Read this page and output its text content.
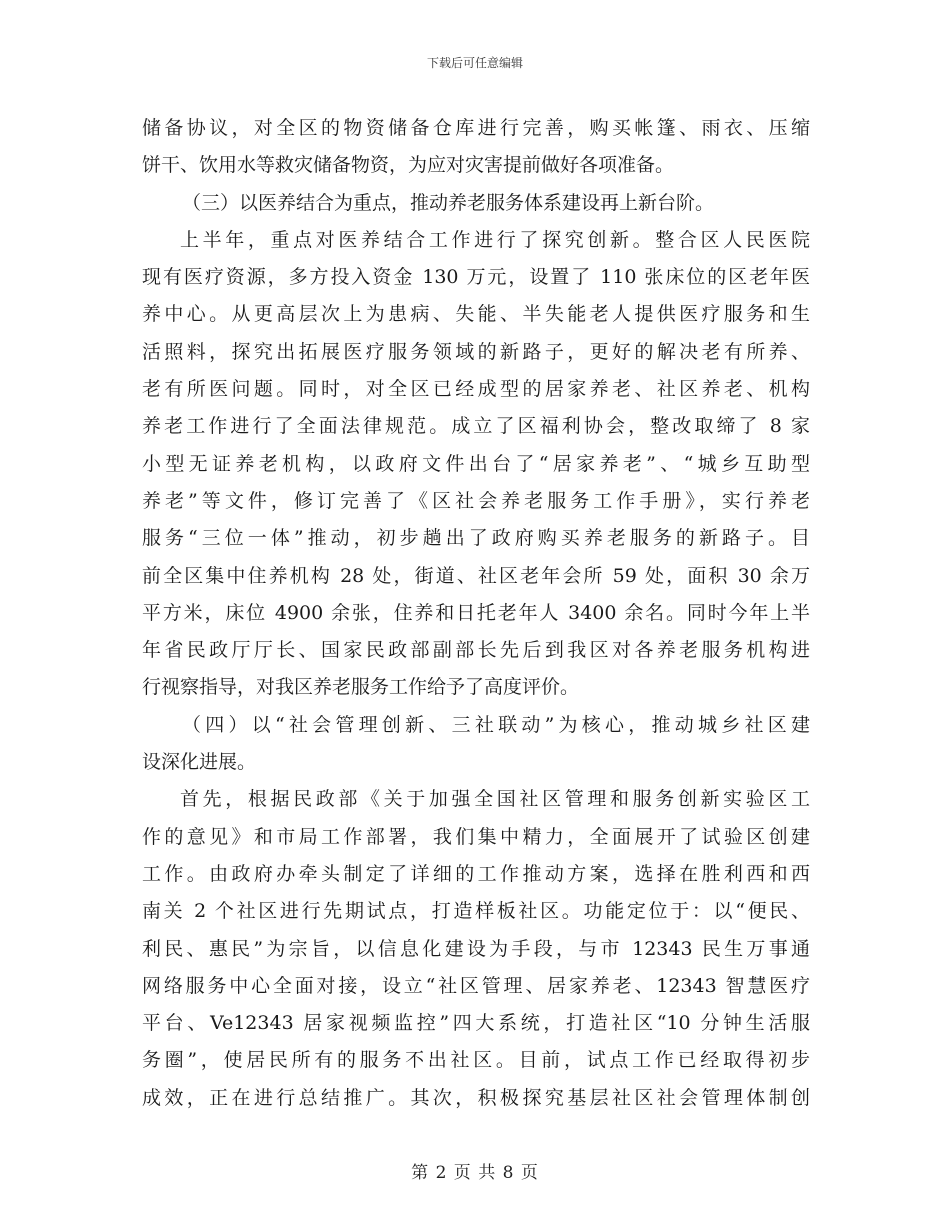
下载后可任意编辑
储备协议，对全区的物资储备仓库进行完善，购买帐篷、雨衣、压缩
饼干、饮用水等救灾储备物资，为应对灾害提前做好各项准备。
（三）以医养结合为重点，推动养老服务体系建设再上新台阶。
上半年，重点对医养结合工作进行了探究创新。整合区人民医院
现有医疗资源，多方投入资金 130 万元，设置了 110 张床位的区老年医
养中心。从更高层次上为患病、失能、半失能老人提供医疗服务和生
活照料，探究出拓展医疗服务领域的新路子，更好的解决老有所养、
老有所医问题。同时，对全区已经成型的居家养老、社区养老、机构
养老工作进行了全面法律规范。成立了区福利协会，整改取缔了 8 家
小型无证养老机构，以政府文件出台了“居家养老”、“城乡互助型
养老”等文件，修订完善了《区社会养老服务工作手册》，实行养老
服务“三位一体”推动，初步趟出了政府购买养老服务的新路子。目
前全区集中住养机构 28 处，街道、社区老年会所 59 处，面积 30 余万
平方米，床位 4900 余张，住养和日托老年人 3400 余名。同时今年上半
年省民政厅厅长、国家民政部副部长先后到我区对各养老服务机构进
行视察指导，对我区养老服务工作给予了高度评价。
（四）以“社会管理创新、三社联动”为核心，推动城乡社区建
设深化进展。
首先，根据民政部《关于加强全国社区管理和服务创新实验区工
作的意见》和市局工作部署，我们集中精力，全面展开了试验区创建
工作。由政府办牵头制定了详细的工作推动方案，选择在胜利西和西
南关 2 个社区进行先期试点，打造样板社区。功能定位于：以“便民、
利民、惠民”为宗旨，以信息化建设为手段，与市 12343 民生万事通
网络服务中心全面对接，设立“社区管理、居家养老、12343 智慧医疗
平台、Ve12343 居家视频监控”四大系统，打造社区“10 分钟生活服
务圈”，使居民所有的服务不出社区。目前，试点工作已经取得初步
成效，正在进行总结推广。其次，积极探究基层社区社会管理体制创
第 2 页 共 8 页
